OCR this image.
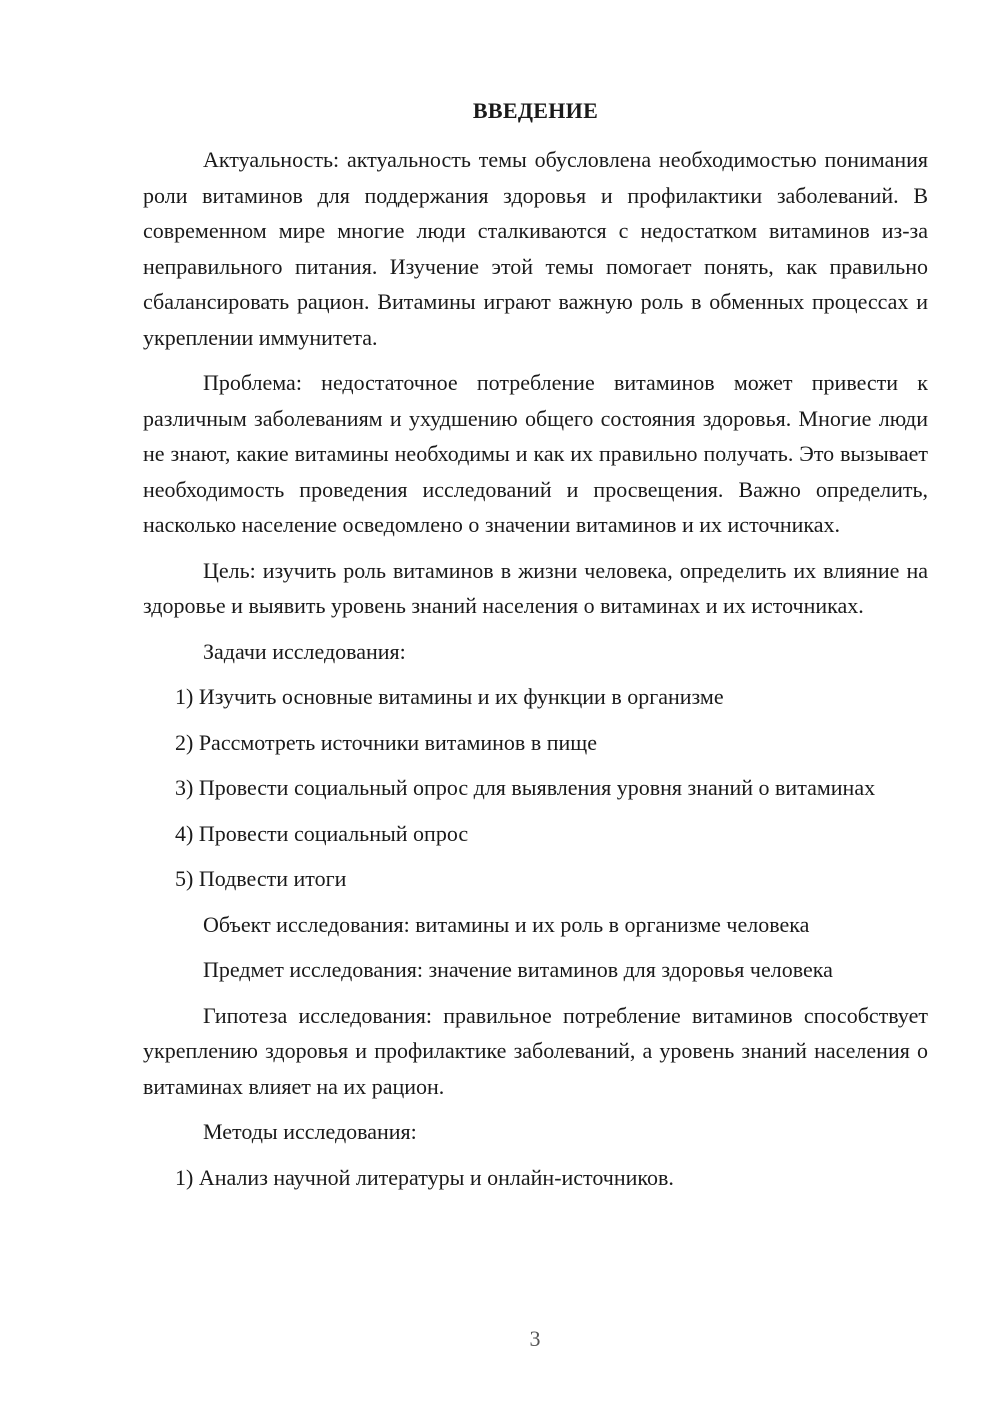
ВВЕДЕНИЕ

Актуальность: актуальность темы обусловлена необходимостью понимания роли витаминов для поддержания здоровья и профилактики заболеваний. В современном мире многие люди сталкиваются с недостатком витаминов из-за неправильного питания. Изучение этой темы помогает понять, как правильно сбалансировать рацион. Витамины играют важную роль в обменных процессах и укреплении иммунитета.

Проблема: недостаточное потребление витаминов может привести к различным заболеваниям и ухудшению общего состояния здоровья. Многие люди не знают, какие витамины необходимы и как их правильно получать. Это вызывает необходимость проведения исследований и просвещения. Важно определить, насколько население осведомлено о значении витаминов и их источниках.

Цель: изучить роль витаминов в жизни человека, определить их влияние на здоровье и выявить уровень знаний населения о витаминах и их источниках.

Задачи исследования:

1) Изучить основные витамины и их функции в организме

2) Рассмотреть источники витаминов в пище

3) Провести социальный опрос для выявления уровня знаний о витаминах

4) Провести социальный опрос

5) Подвести итоги

Объект исследования: витамины и их роль в организме человека

Предмет исследования: значение витаминов для здоровья человека

Гипотеза исследования: правильное потребление витаминов способствует укреплению здоровья и профилактике заболеваний, а уровень знаний населения о витаминах влияет на их рацион.

Методы исследования:

1) Анализ научной литературы и онлайн-источников.

3
